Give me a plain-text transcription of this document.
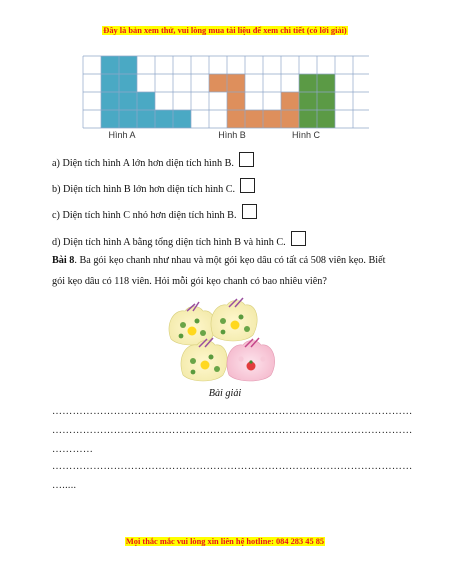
Đây là bản xem thử, vui lòng mua tài liệu để xem chi tiết (có lời giải)
Hình A	Hình B	Hình C
a) Diện tích hình A lớn hơn diện tích hình B.
b) Diện tích hình B lớn hơn diện tích hình C.
c) Diện tích hình C nhỏ hơn diện tích hình B.
d) Diện tích hình A bằng tổng diện tích hình B và hình C.
Bài 8. Ba gói kẹo chanh như nhau và một gói kẹo dâu có tất cả 508 viên kẹo. Biết gói kẹo dâu có 118 viên. Hỏi mỗi gói kẹo chanh có bao nhiêu viên?
Bài giải
……………………………………………………………………………………………
……………………………………………………………………………………………
…………
……………………………………………………………………………………………
….....
Mọi thắc mắc vui lòng xin liên hệ hotline: 084 283 45 85
